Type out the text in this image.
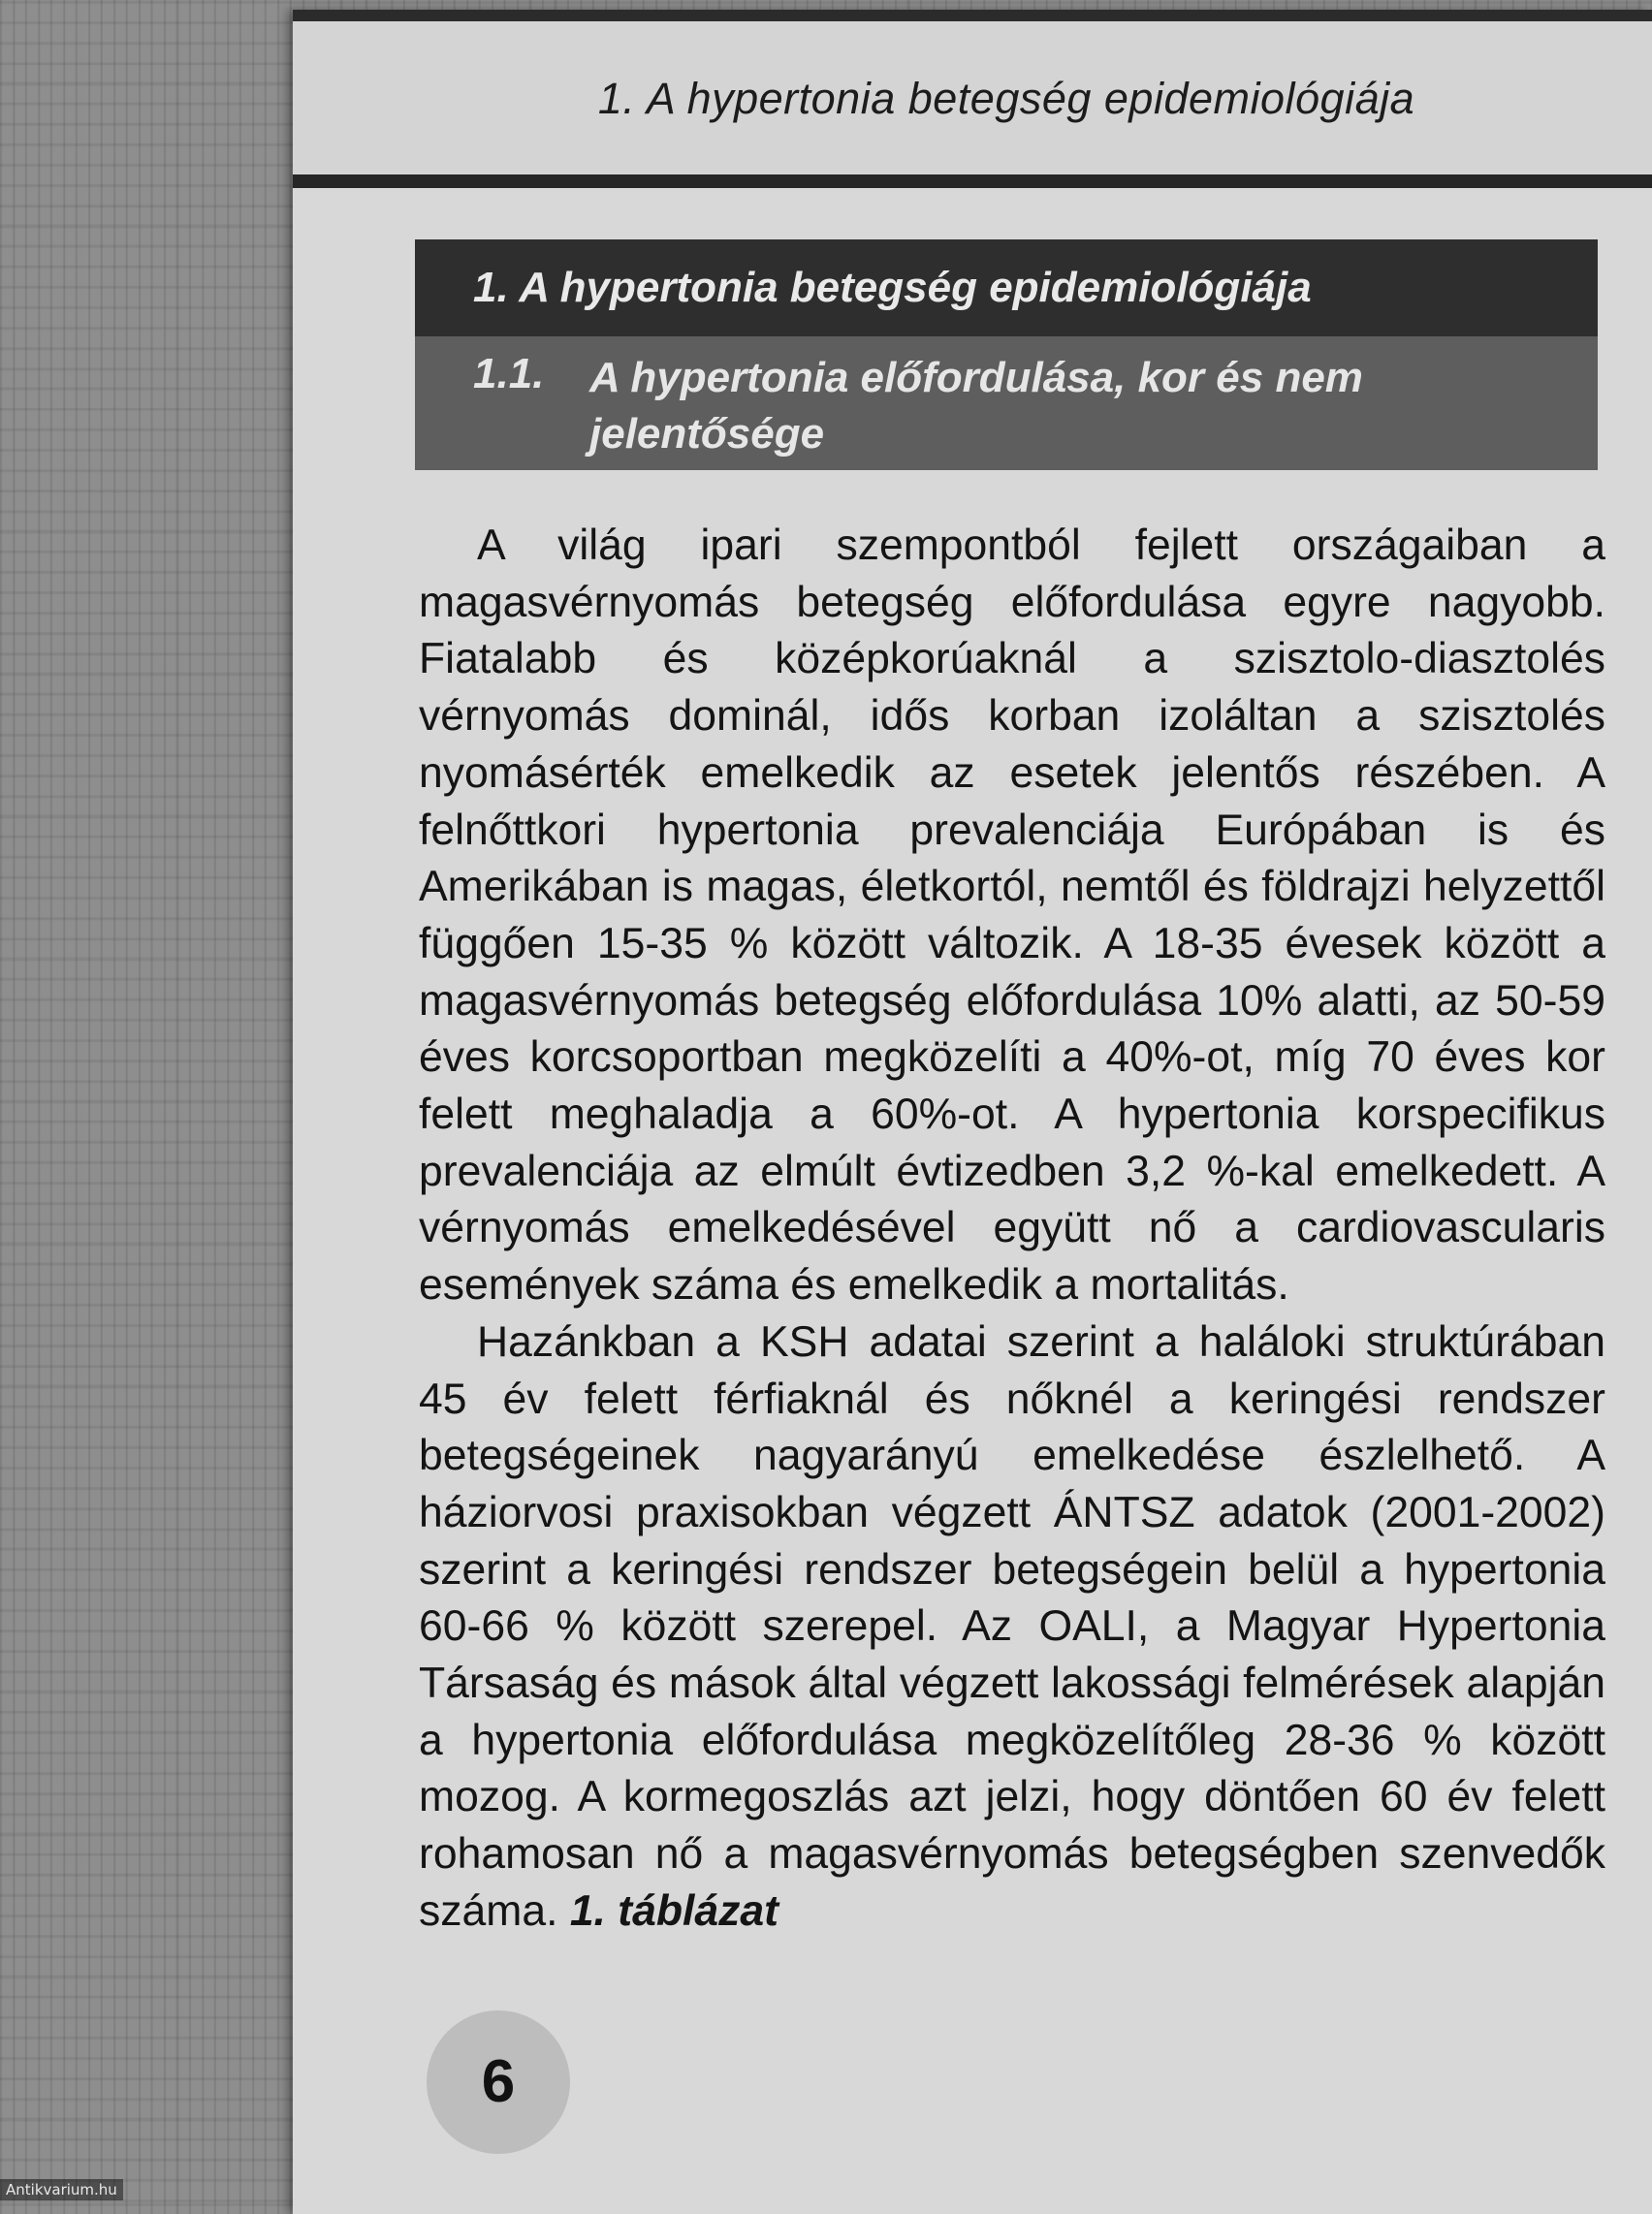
1. A hypertonia betegség epidemiológiája
1. A hypertonia betegség epidemiológiája
1.1. A hypertonia előfordulása, kor és nem jelentősége

A világ ipari szempontból fejlett országaiban a magasvérnyomás betegség előfordulása egyre nagyobb. Fiatalabb és középkorúaknál a szisztolo-diasztolés vérnyomás dominál, idős korban izoláltan a szisztolés nyomásérték emelkedik az esetek jelentős részében. A felnőttkori hypertonia prevalenciája Európában is és Amerikában is magas, életkortól, nemtől és földrajzi helyzettől függően 15-35 % között változik. A 18-35 évesek között a magasvérnyomás betegség előfordulása 10% alatti, az 50-59 éves korcsoportban megközelíti a 40%-ot, míg 70 éves kor felett meghaladja a 60%-ot. A hypertonia korspecifikus prevalenciája az elmúlt évtizedben 3,2 %-kal emelkedett. A vérnyomás emelkedésével együtt nő a cardiovascularis események száma és emelkedik a mortalitás.

Hazánkban a KSH adatai szerint a haláloki struktúrában 45 év felett férfiaknál és nőknél a keringési rendszer betegségeinek nagyarányú emelkedése észlelhető. A háziorvosi praxisokban végzett ÁNTSZ adatok (2001-2002) szerint a keringési rendszer betegségein belül a hypertonia 60-66 % között szerepel. Az OALI, a Magyar Hypertonia Társaság és mások által végzett lakossági felmérések alapján a hypertonia előfordulása megközelítőleg 28-36 % között mozog. A kormegoszlás azt jelzi, hogy döntően 60 év felett rohamosan nő a magasvérnyomás betegségben szenvedők száma. 1. táblázat

6
Antikvarium.hu
